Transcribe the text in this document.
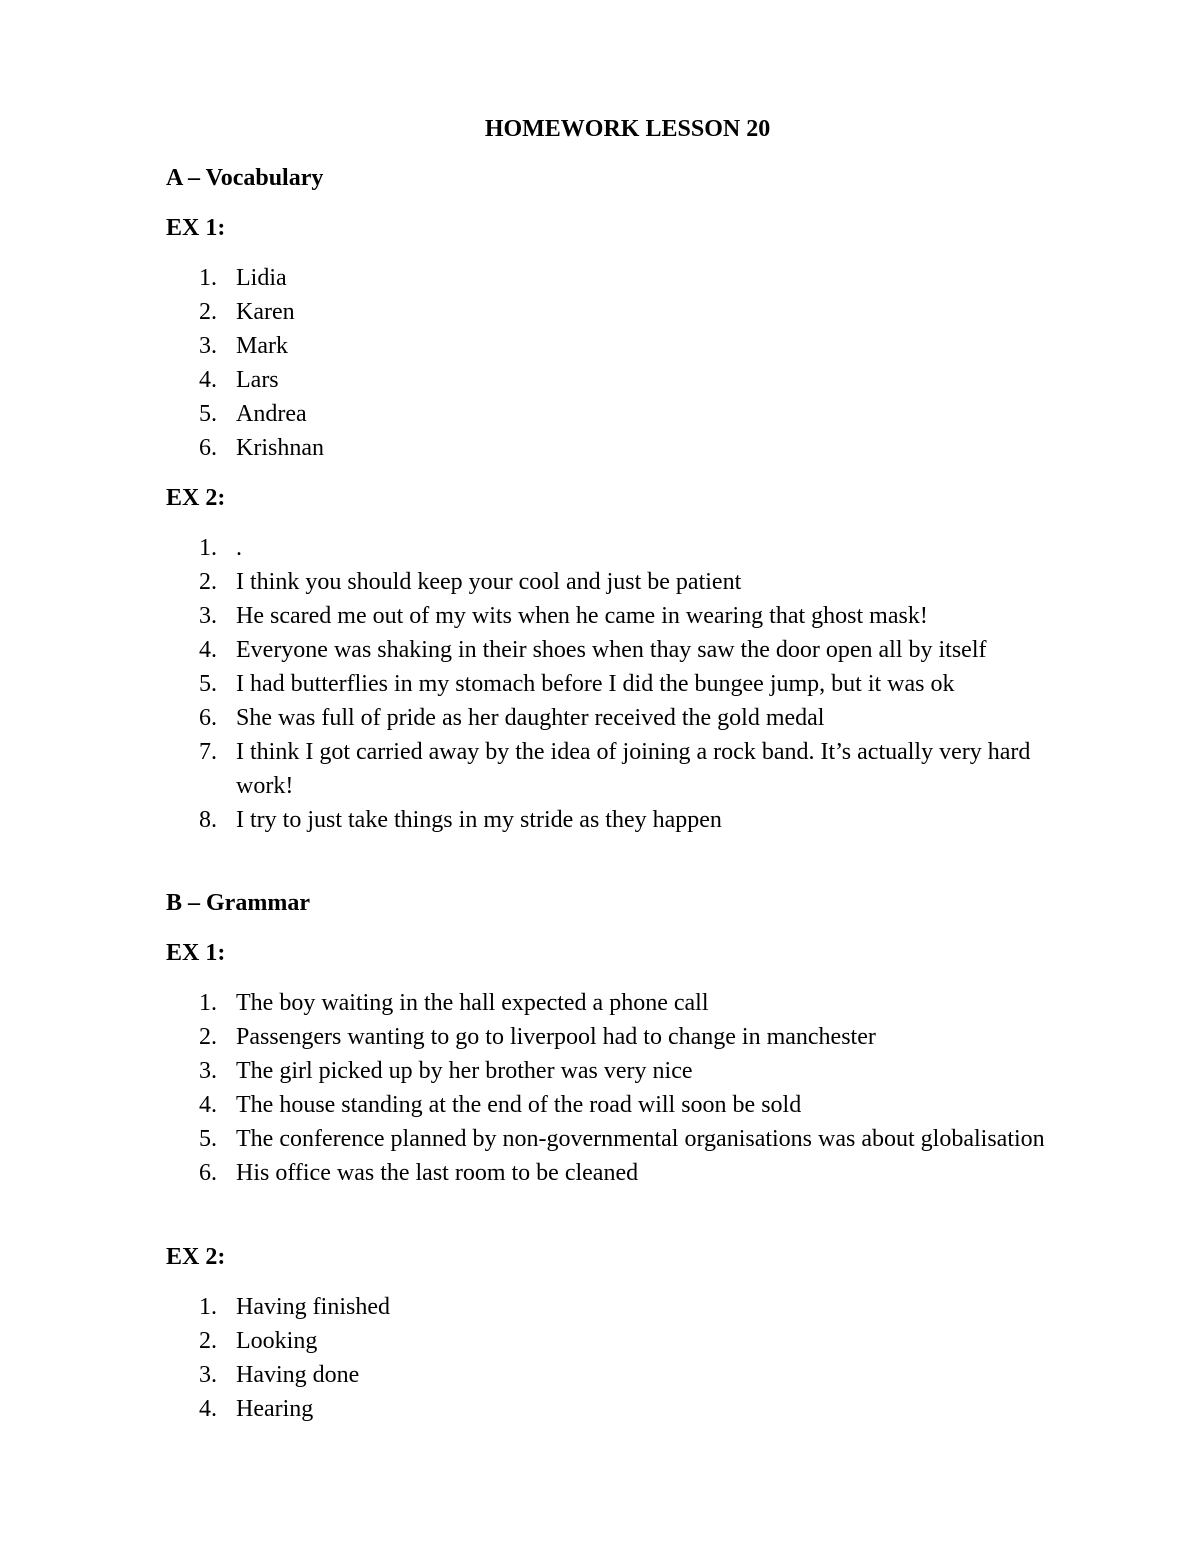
HOMEWORK LESSON 20

A – Vocabulary

EX 1:

1. Lidia
2. Karen
3. Mark
4. Lars
5. Andrea
6. Krishnan

EX 2:

1. .
2. I think you should keep your cool and just be patient
3. He scared me out of my wits when he came in wearing that ghost mask!
4. Everyone was shaking in their shoes when thay saw the door open all by itself
5. I had butterflies in my stomach before I did the bungee jump, but it was ok
6. She was full of pride as her daughter received the gold medal
7. I think I got carried away by the idea of joining a rock band. It’s actually very hard work!
8. I try to just take things in my stride as they happen

B – Grammar

EX 1:

1. The boy waiting in the hall expected a phone call
2. Passengers wanting to go to liverpool had to change in manchester
3. The girl picked up by her brother was very nice
4. The house standing at the end of the road will soon be sold
5. The conference planned by non-governmental organisations was about globalisation
6. His office was the last room to be cleaned

EX 2:

1. Having finished
2. Looking
3. Having done
4. Hearing
